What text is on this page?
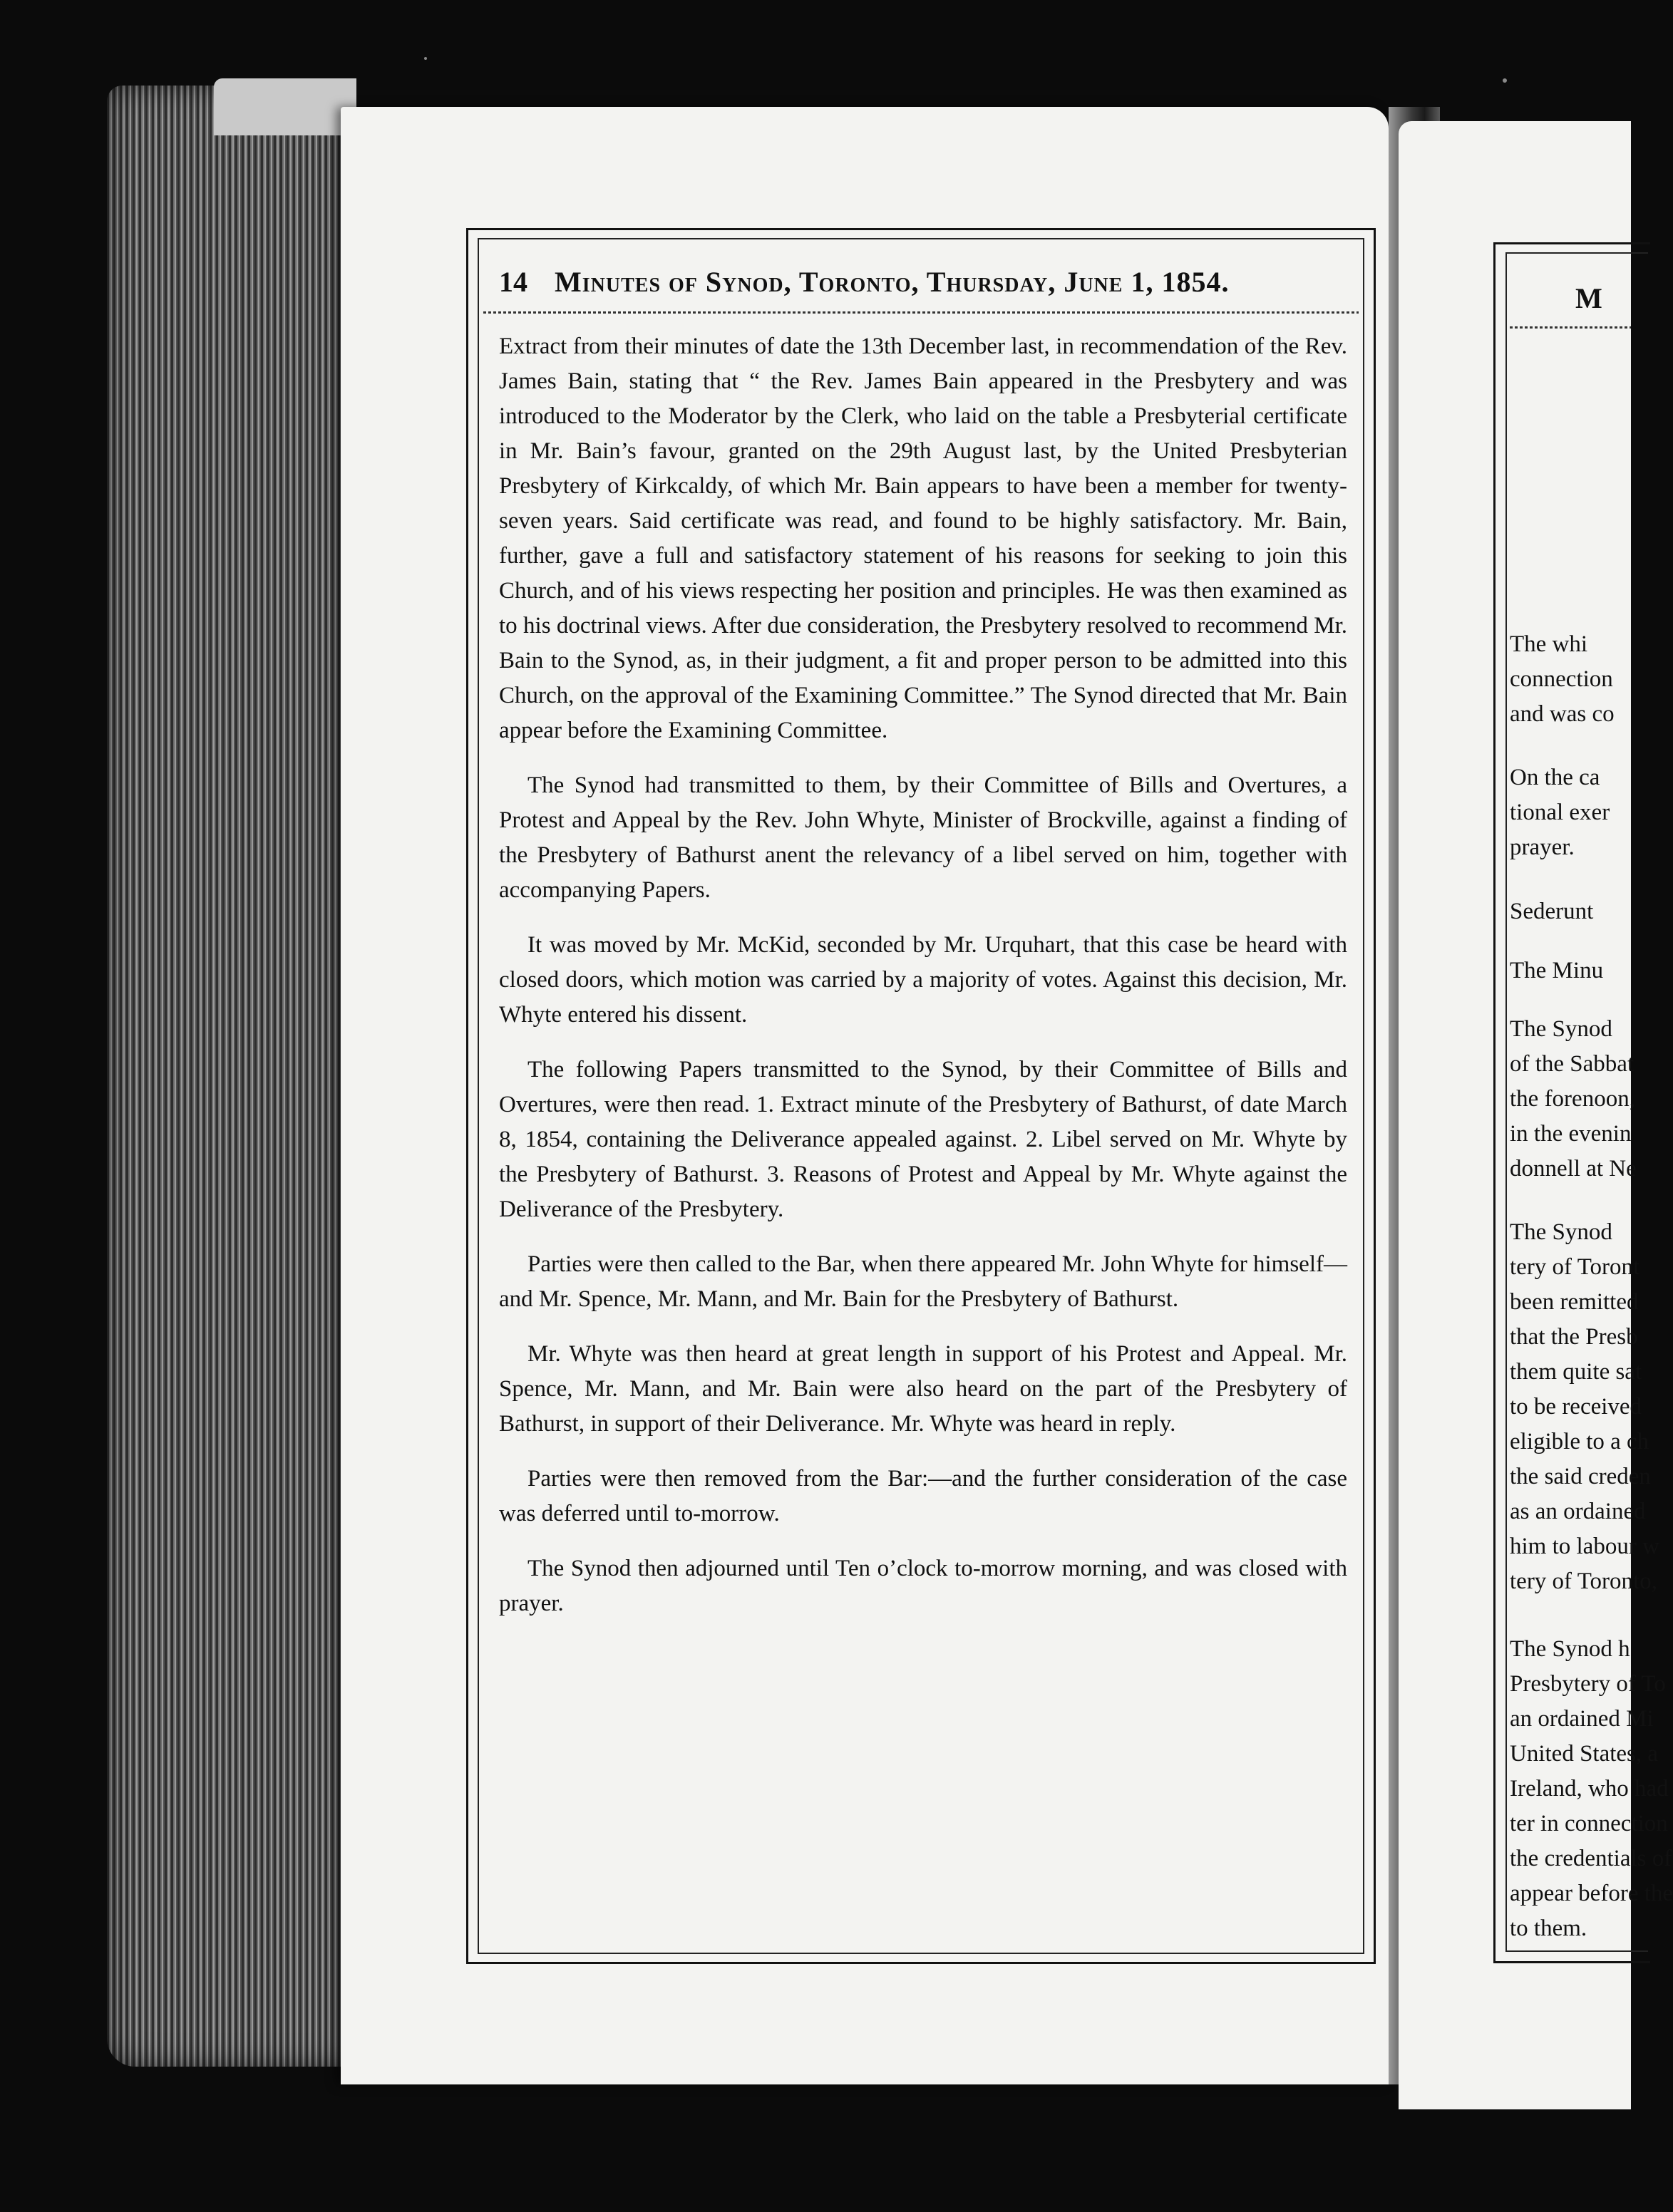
14 Minutes of Synod, Toronto, Thursday, June 1, 1854.

Extract from their minutes of date the 13th December last, in recommendation of the Rev. James Bain, stating that “ the Rev. James Bain appeared in the Presbytery and was introduced to the Moderator by the Clerk, who laid on the table a Presbyterial certificate in Mr. Bain’s favour, granted on the 29th August last, by the United Presbyterian Presbytery of Kirkcaldy, of which Mr. Bain appears to have been a member for twenty-seven years. Said certificate was read, and found to be highly satisfactory. Mr. Bain, further, gave a full and satisfactory statement of his reasons for seeking to join this Church, and of his views respecting her position and principles. He was then examined as to his doctrinal views. After due consideration, the Presbytery resolved to recommend Mr. Bain to the Synod, as, in their judgment, a fit and proper person to be admitted into this Church, on the approval of the Examining Committee.” The Synod directed that Mr. Bain appear before the Examining Committee.

The Synod had transmitted to them, by their Committee of Bills and Overtures, a Protest and Appeal by the Rev. John Whyte, Minister of Brockville, against a finding of the Presbytery of Bathurst anent the relevancy of a libel served on him, together with accompanying Papers.

It was moved by Mr. McKid, seconded by Mr. Urquhart, that this case be heard with closed doors, which motion was carried by a majority of votes. Against this decision, Mr. Whyte entered his dissent.

The following Papers transmitted to the Synod, by their Committee of Bills and Overtures, were then read. 1. Extract minute of the Presbytery of Bathurst, of date March 8, 1854, containing the Deliverance appealed against. 2. Libel served on Mr. Whyte by the Presbytery of Bathurst. 3. Reasons of Protest and Appeal by Mr. Whyte against the Deliverance of the Presbytery.

Parties were then called to the Bar, when there appeared Mr. John Whyte for himself—and Mr. Spence, Mr. Mann, and Mr. Bain for the Presbytery of Bathurst.

Mr. Whyte was then heard at great length in support of his Protest and Appeal. Mr. Spence, Mr. Mann, and Mr. Bain were also heard on the part of the Presbytery of Bathurst, in support of their Deliverance. Mr. Whyte was heard in reply.

Parties were then removed from the Bar:—and the further consideration of the case was deferred until to-morrow.

The Synod then adjourned until Ten o’clock to-morrow morning, and was closed with prayer.

M
The whi
connection
and was co
On the ca
tional exer
prayer.
Sederunt
The Minu
The Synod
of the Sabbat
the forenoon,
in the evenin
donnell at Ne
The Synod
tery of Toront
been remitted
that the Presb
them quite sat
to be received
eligible to a ch
the said creden
as an ordained
him to labour w
tery of Toronto,
The Synod h
Presbytery of To
an ordained Mi
United States, a
Ireland, who had
ter in connection
the credentials of
appear before the
to them.
